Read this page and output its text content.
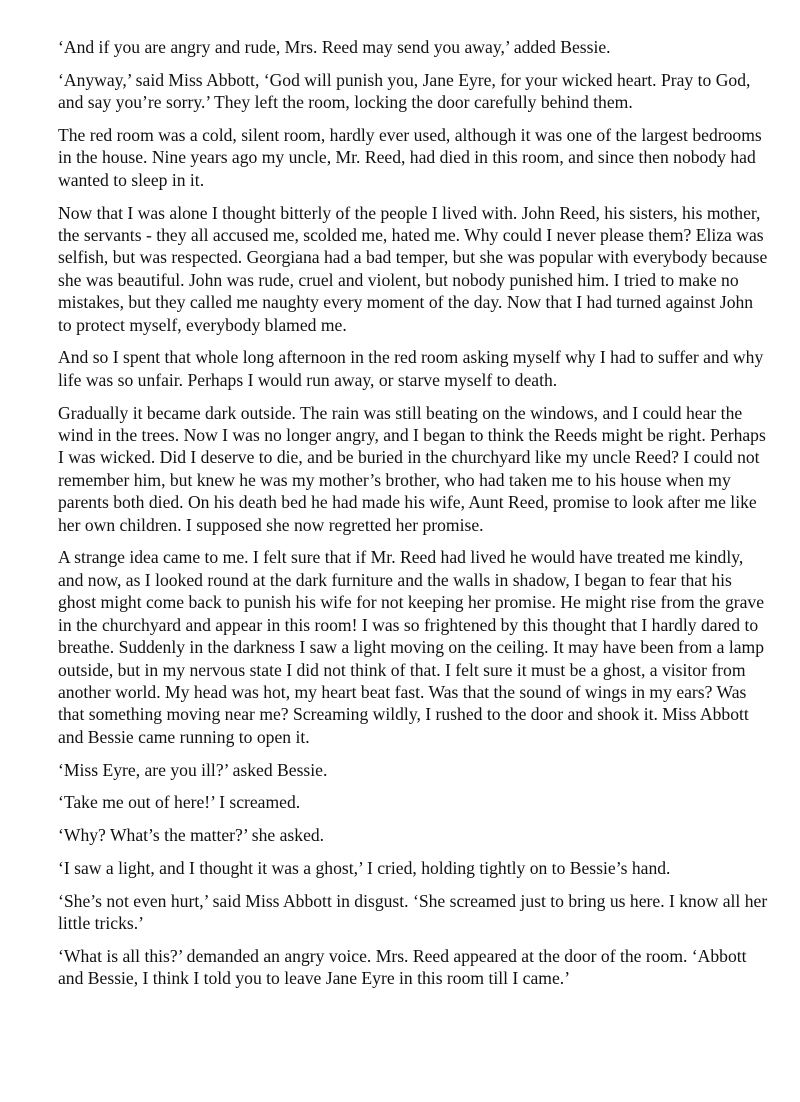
‘And if you are angry and rude, Mrs. Reed may send you away,’ added Bessie.

‘Anyway,’ said Miss Abbott, ‘God will punish you, Jane Eyre, for your wicked heart. Pray to God, and say you’re sorry.’ They left the room, locking the door carefully behind them.

The red room was a cold, silent room, hardly ever used, although it was one of the largest bedrooms in the house. Nine years ago my uncle, Mr. Reed, had died in this room, and since then nobody had wanted to sleep in it.

Now that I was alone I thought bitterly of the people I lived with. John Reed, his sisters, his mother, the servants - they all accused me, scolded me, hated me. Why could I never please them? Eliza was selfish, but was respected. Georgiana had a bad temper, but she was popular with everybody because she was beautiful. John was rude, cruel and violent, but nobody punished him. I tried to make no mistakes, but they called me naughty every moment of the day. Now that I had turned against John to protect myself, everybody blamed me.

And so I spent that whole long afternoon in the red room asking myself why I had to suffer and why life was so unfair. Perhaps I would run away, or starve myself to death.

Gradually it became dark outside. The rain was still beating on the windows, and I could hear the wind in the trees. Now I was no longer angry, and I began to think the Reeds might be right. Perhaps I was wicked. Did I deserve to die, and be buried in the churchyard like my uncle Reed? I could not remember him, but knew he was my mother’s brother, who had taken me to his house when my parents both died. On his death bed he had made his wife, Aunt Reed, promise to look after me like her own children. I supposed she now regretted her promise.

A strange idea came to me. I felt sure that if Mr. Reed had lived he would have treated me kindly, and now, as I looked round at the dark furniture and the walls in shadow, I began to fear that his ghost might come back to punish his wife for not keeping her promise. He might rise from the grave in the churchyard and appear in this room! I was so frightened by this thought that I hardly dared to breathe. Suddenly in the darkness I saw a light moving on the ceiling. It may have been from a lamp outside, but in my nervous state I did not think of that. I felt sure it must be a ghost, a visitor from another world. My head was hot, my heart beat fast. Was that the sound of wings in my ears? Was that something moving near me? Screaming wildly, I rushed to the door and shook it. Miss Abbott and Bessie came running to open it.

‘Miss Eyre, are you ill?’ asked Bessie.

‘Take me out of here!’ I screamed.

‘Why? What’s the matter?’ she asked.

‘I saw a light, and I thought it was a ghost,’ I cried, holding tightly on to Bessie’s hand.

‘She’s not even hurt,’ said Miss Abbott in disgust. ‘She screamed just to bring us here. I know all her little tricks.’

‘What is all this?’ demanded an angry voice. Mrs. Reed appeared at the door of the room. ‘Abbott and Bessie, I think I told you to leave Jane Eyre in this room till I came.’
